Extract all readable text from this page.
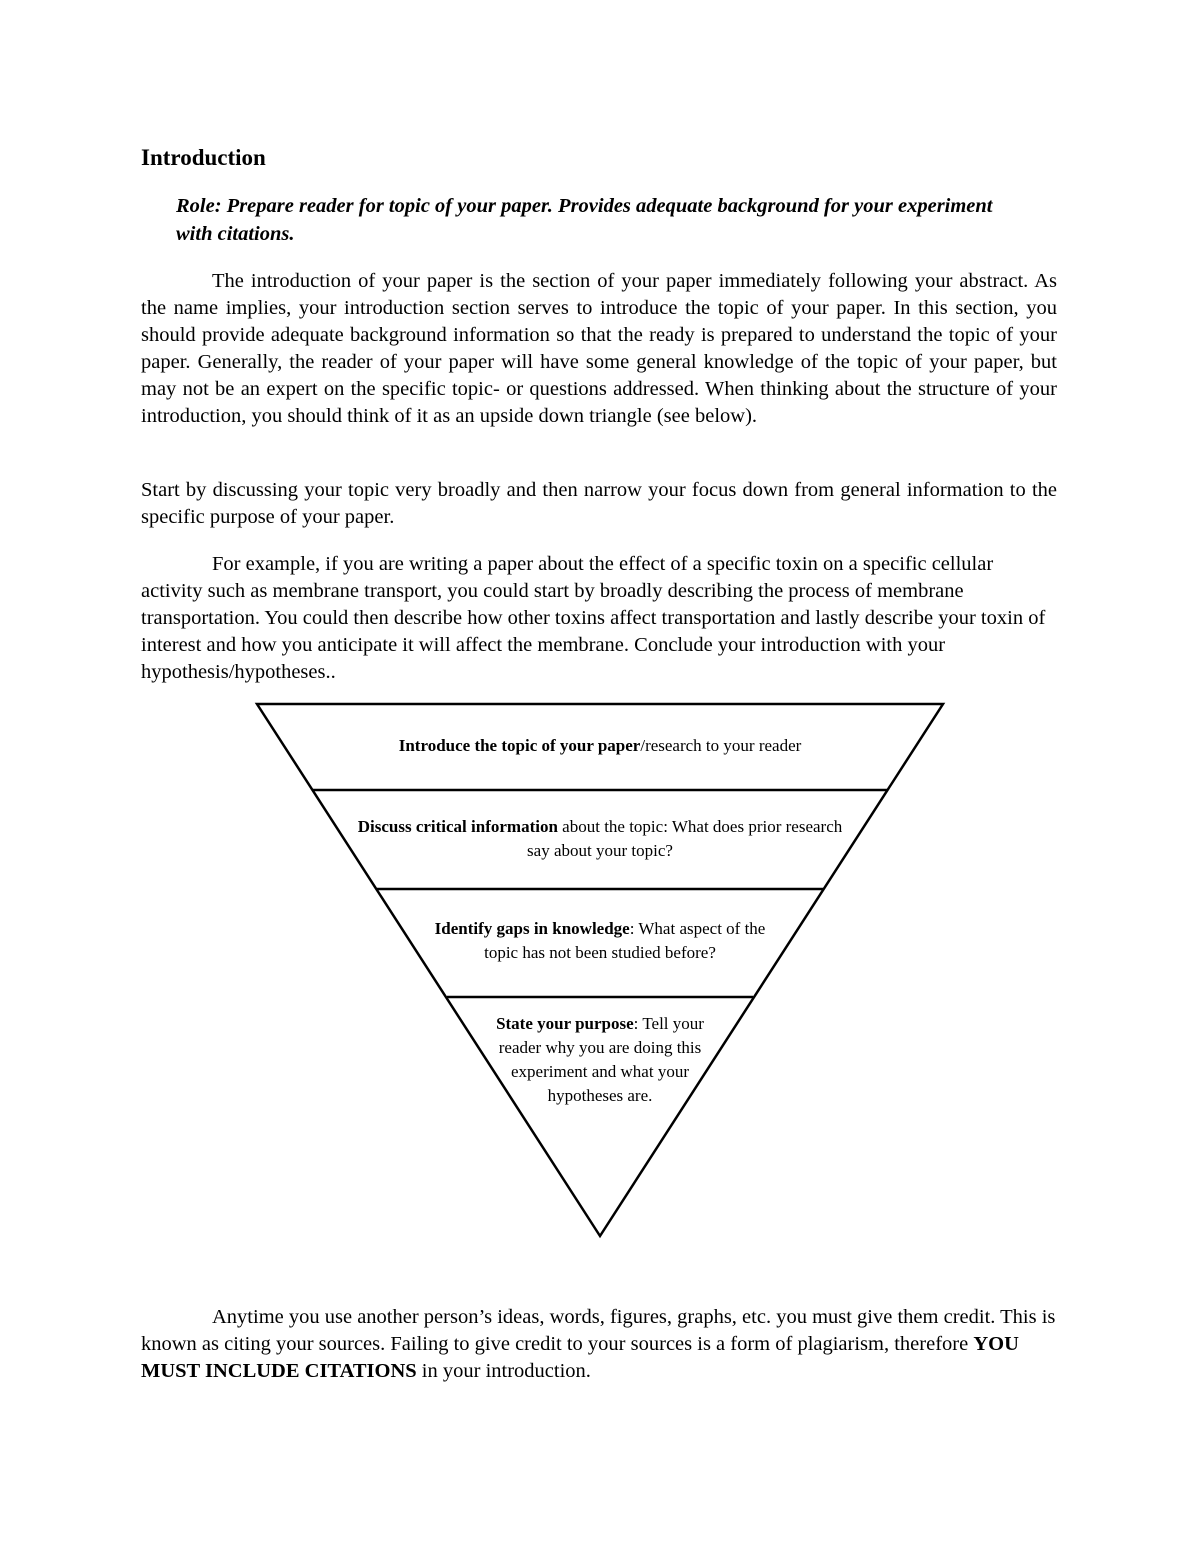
Introduction

Role: Prepare reader for topic of your paper. Provides adequate background for your experiment with citations.

The introduction of your paper is the section of your paper immediately following your abstract. As the name implies, your introduction section serves to introduce the topic of your paper. In this section, you should provide adequate background information so that the ready is prepared to understand the topic of your paper. Generally, the reader of your paper will have some general knowledge of the topic of your paper, but may not be an expert on the specific topic- or questions addressed. When thinking about the structure of your introduction, you should think of it as an upside down triangle (see below).

Start by discussing your topic very broadly and then narrow your focus down from general information to the specific purpose of your paper.

For example, if you are writing a paper about the effect of a specific toxin on a specific cellular activity such as membrane transport, you could start by broadly describing the process of membrane transportation. You could then describe how other toxins affect transportation and lastly describe your toxin of interest and how you anticipate it will affect the membrane. Conclude your introduction with your hypothesis/hypotheses..

Introduce the topic of your paper/research to your reader

Discuss critical information about the topic: What does prior research say about your topic?

Identify gaps in knowledge: What aspect of the topic has not been studied before?

State your purpose: Tell your reader why you are doing this experiment and what your hypotheses are.

Anytime you use another person’s ideas, words, figures, graphs, etc. you must give them credit. This is known as citing your sources. Failing to give credit to your sources is a form of plagiarism, therefore YOU MUST INCLUDE CITATIONS in your introduction.
